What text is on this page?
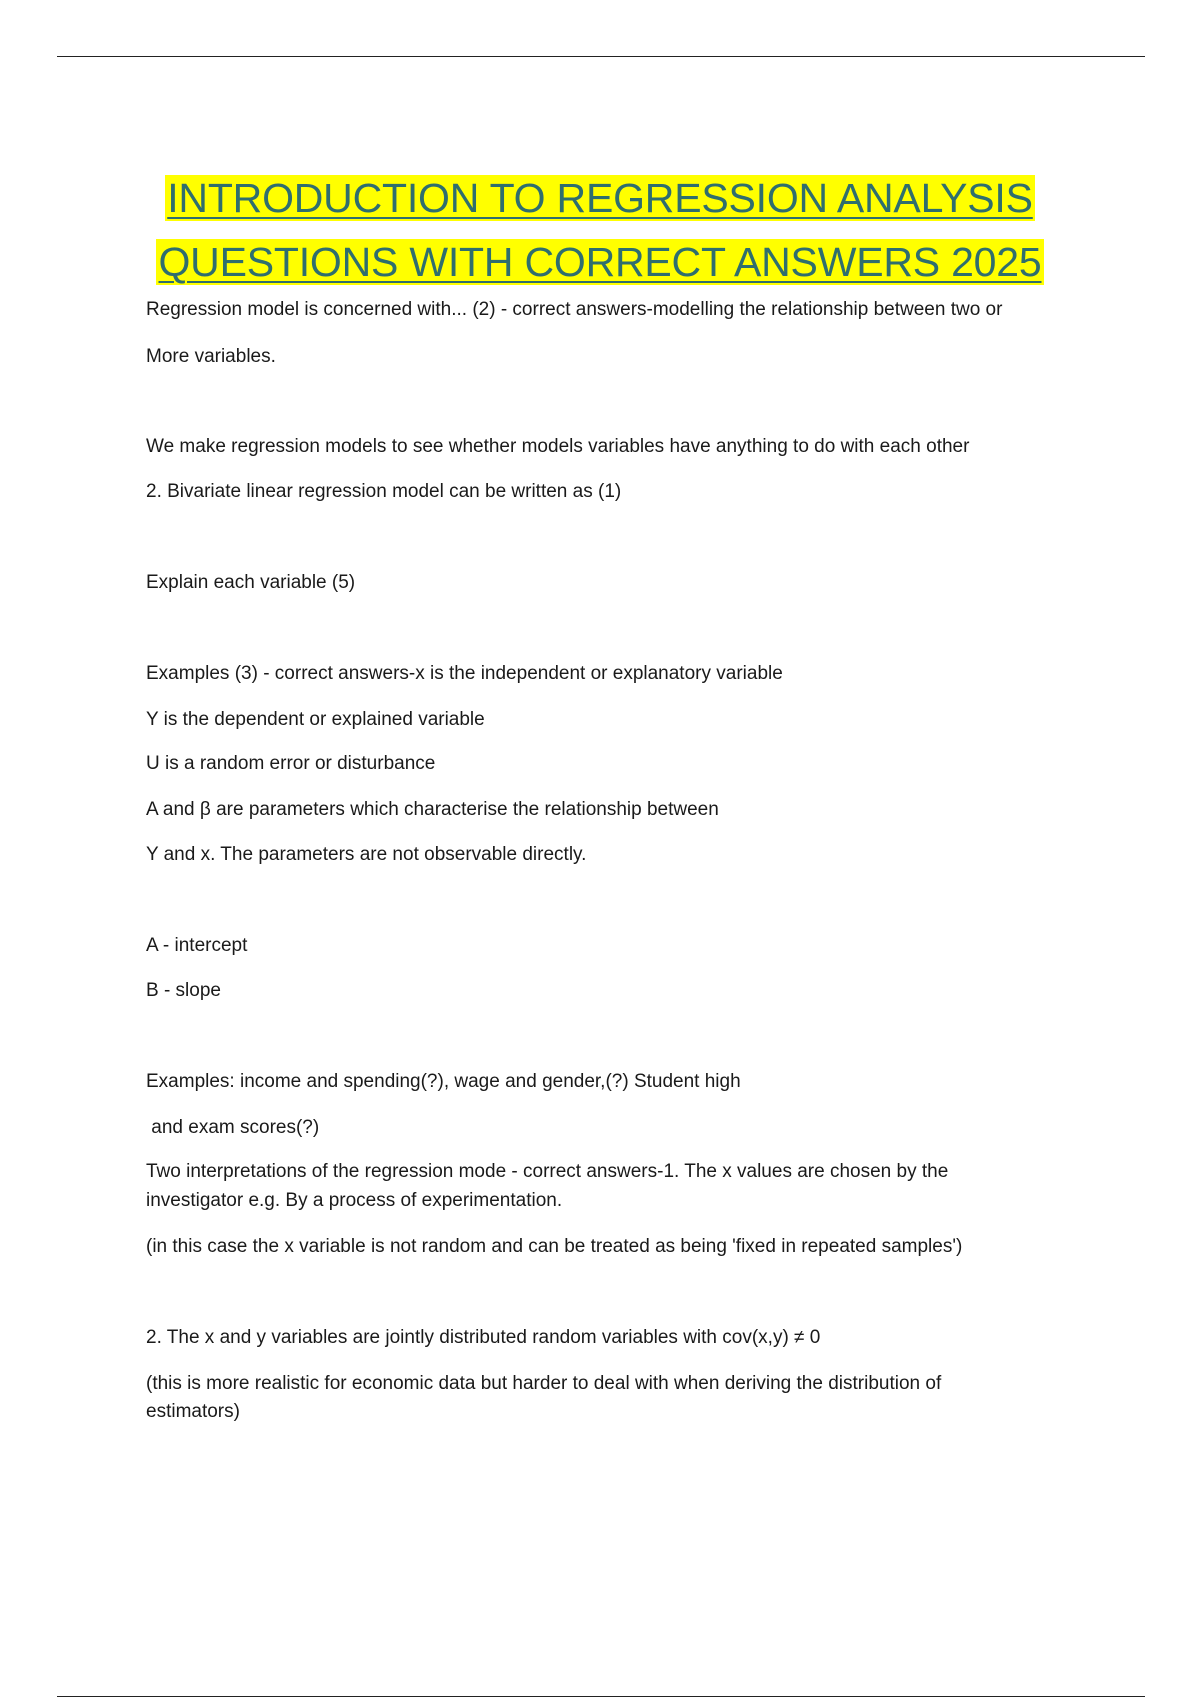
INTRODUCTION TO REGRESSION ANALYSIS
QUESTIONS WITH CORRECT ANSWERS 2025
Regression model is concerned with... (2) - correct answers-modelling the relationship between two or
More variables.
We make regression models to see whether models variables have anything to do with each other
2. Bivariate linear regression model can be written as (1)
Explain each variable (5)
Examples (3) - correct answers-x is the independent or explanatory variable
Y is the dependent or explained variable
U is a random error or disturbance
A and β are parameters which characterise the relationship between
Y and x. The parameters are not observable directly.
A - intercept
B - slope
Examples: income and spending(?), wage and gender,(?) Student high
and exam scores(?)
Two interpretations of the regression mode - correct answers-1. The x values are chosen by the
investigator e.g. By a process of experimentation.
(in this case the x variable is not random and can be treated as being 'fixed in repeated samples')
2. The x and y variables are jointly distributed random variables with cov(x,y) ≠ 0
(this is more realistic for economic data but harder to deal with when deriving the distribution of
estimators)
